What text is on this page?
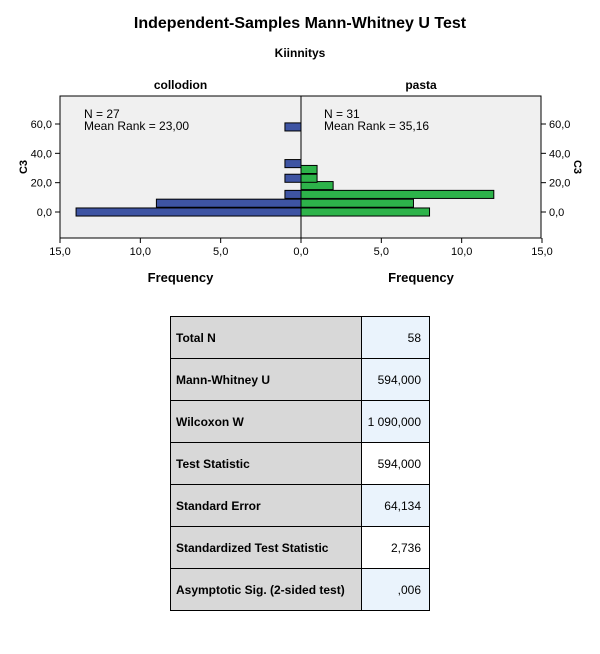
Independent-Samples Mann-Whitney U Test
Kiinnitys
60,0	60,0
40,0	40,0
20,0	20,0
0,0	0,0
15,0	10,0	5,0	0,0	5,0	10,0	15,0
C3	C3
collodion
Frequency
N = 27
Mean Rank = 23,00
pasta
Frequency
N = 31
Mean Rank = 35,16
Total N	58
Mann-Whitney U	594,000
Wilcoxon W	1 090,000
Test Statistic	594,000
Standard Error	64,134
Standardized Test Statistic	2,736
Asymptotic Sig. (2-sided test)	,006
